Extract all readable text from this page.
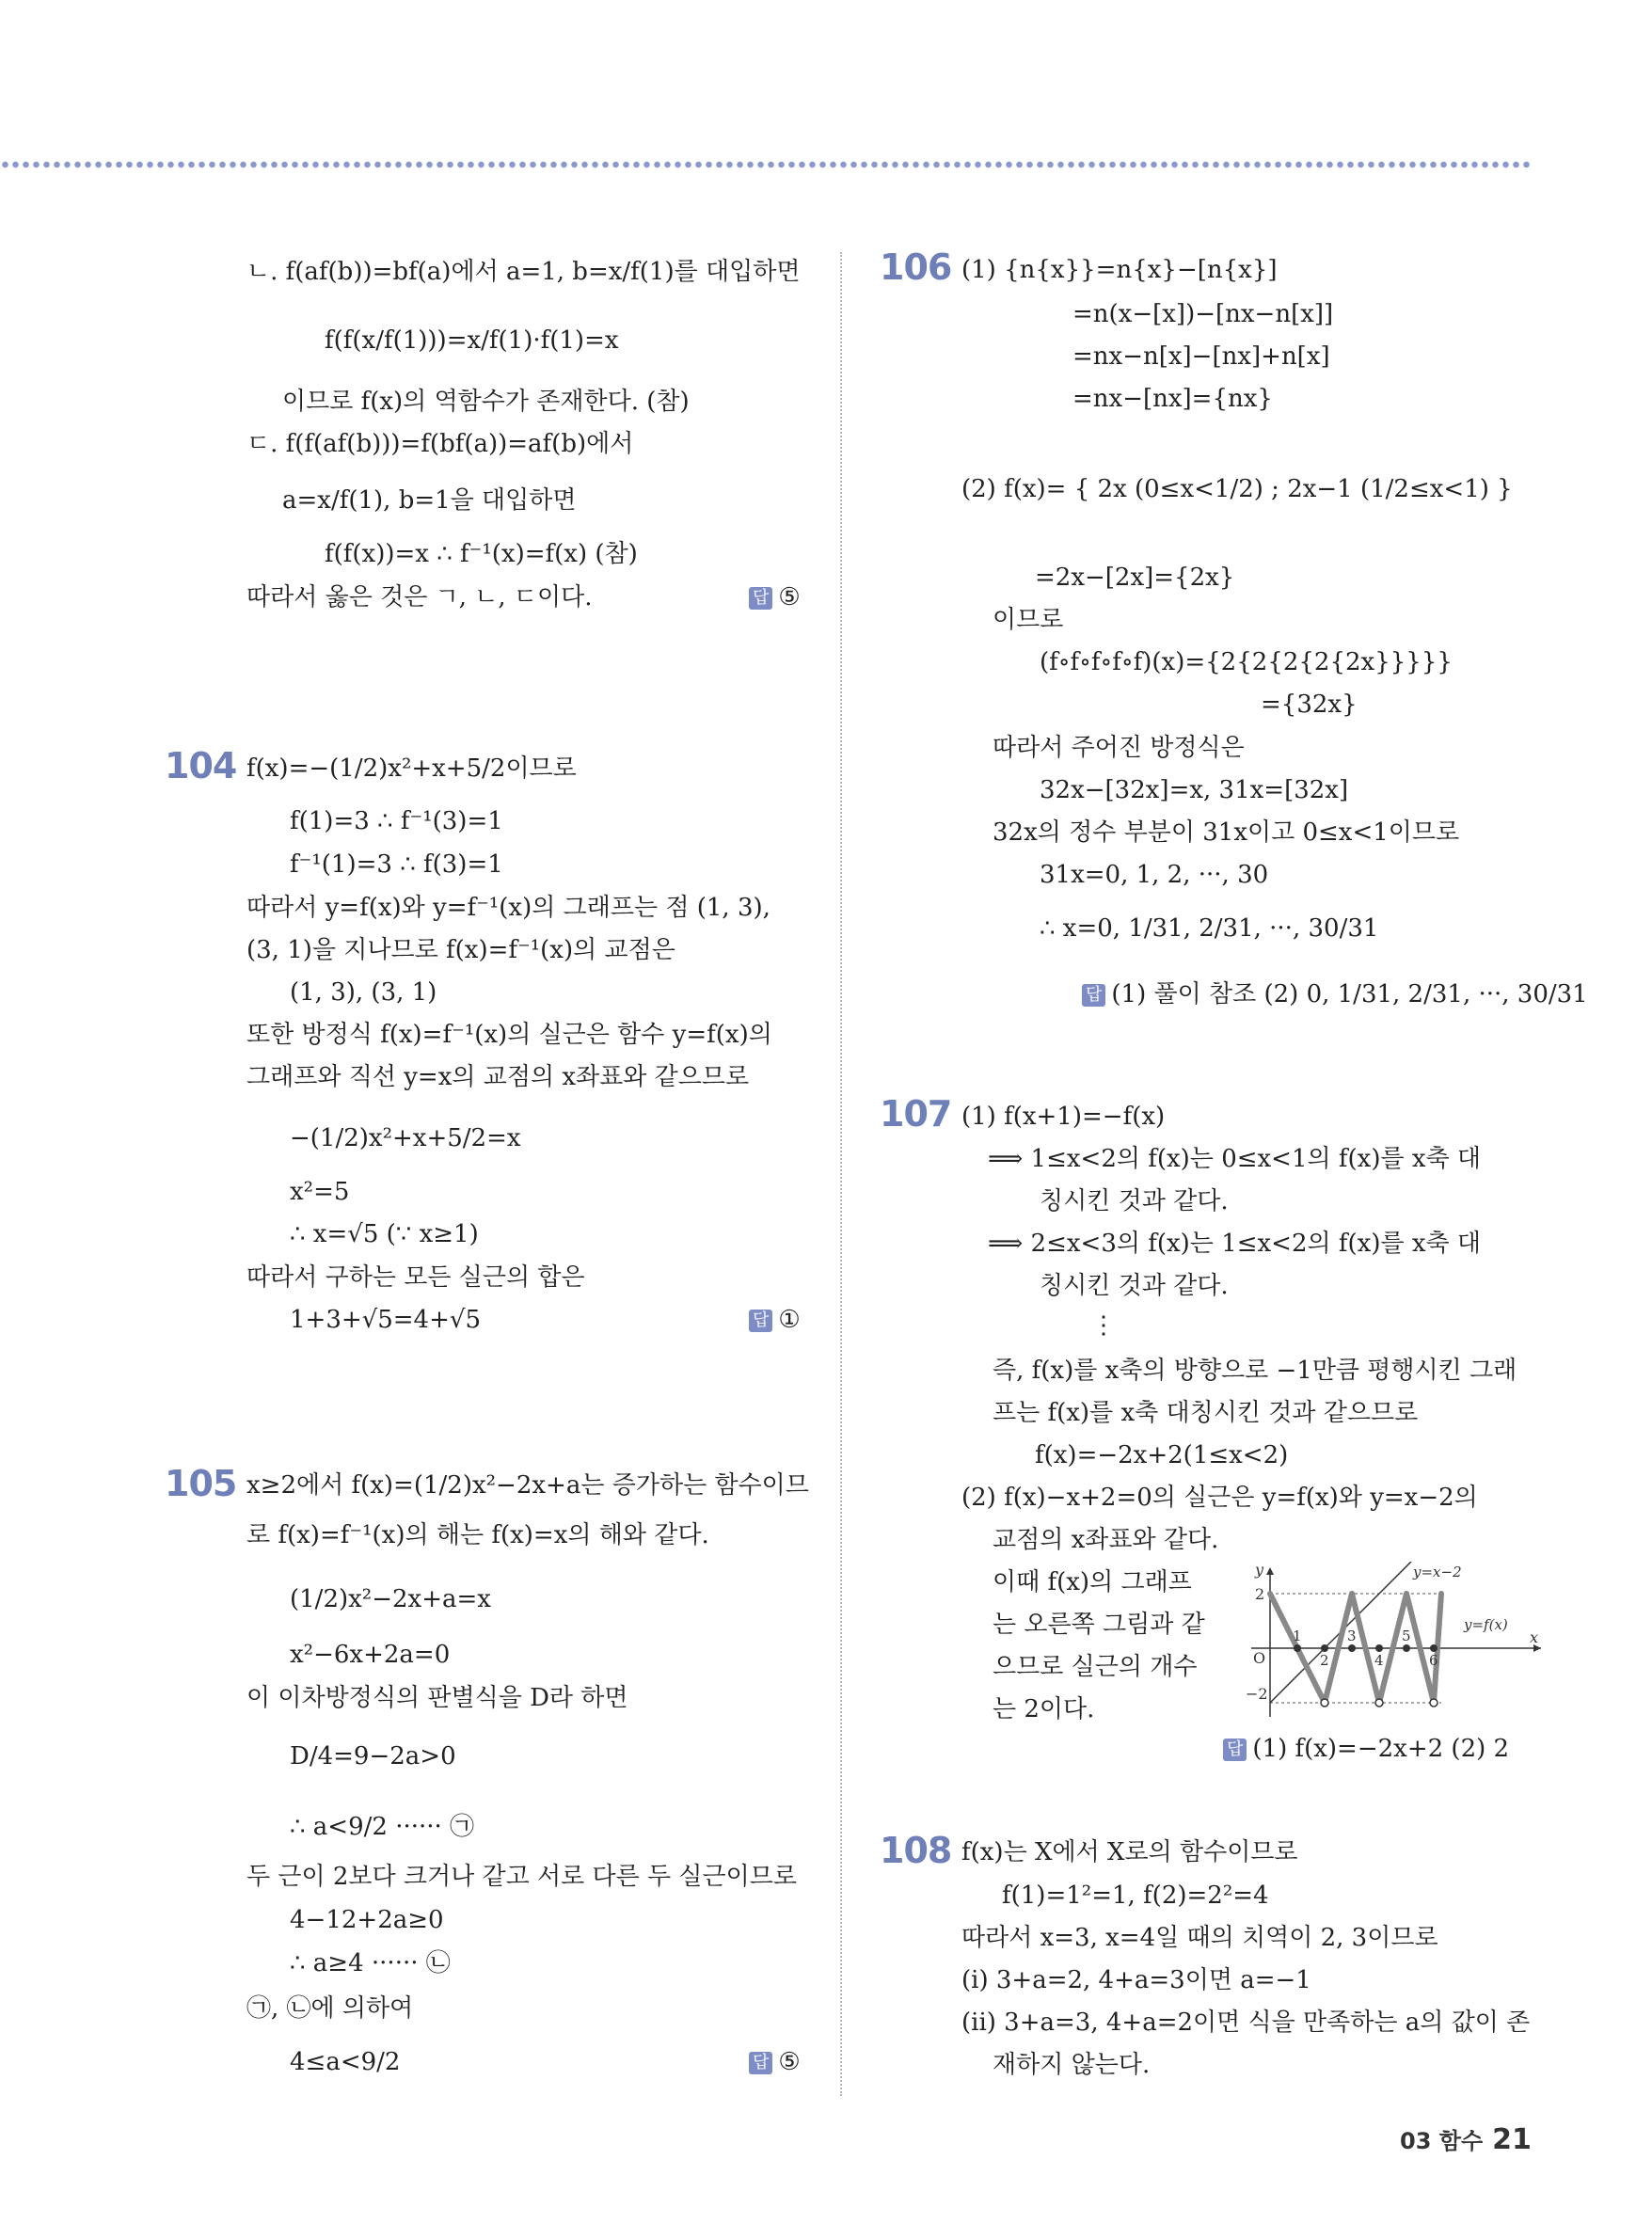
ㄴ. f(af(b))=bf(a)에서 a=1, b=x/f(1)를 대입하면
f(f(x/f(1)))=x/f(1)·f(1)=x
이므로 f(x)의 역함수가 존재한다. (참)
ㄷ. f(f(af(b)))=f(bf(a))=af(b)에서
a=x/f(1), b=1을 대입하면
f(f(x))=x ∴ f⁻¹(x)=f(x) (참)
따라서 옳은 것은 ㄱ, ㄴ, ㄷ이다.	답 ⑤
104 f(x)=−(1/2)x²+x+5/2이므로
f(1)=3 ∴ f⁻¹(3)=1
f⁻¹(1)=3 ∴ f(3)=1
따라서 y=f(x)와 y=f⁻¹(x)의 그래프는 점 (1, 3),
(3, 1)을 지나므로 f(x)=f⁻¹(x)의 교점은
(1, 3), (3, 1)
또한 방정식 f(x)=f⁻¹(x)의 실근은 함수 y=f(x)의
그래프와 직선 y=x의 교점의 x좌표와 같으므로
−(1/2)x²+x+5/2=x
x²=5
∴ x=√5 (∵ x≥1)
따라서 구하는 모든 실근의 합은
1+3+√5=4+√5	답 ①
105 x≥2에서 f(x)=(1/2)x²−2x+a는 증가하는 함수이므
로 f(x)=f⁻¹(x)의 해는 f(x)=x의 해와 같다.
(1/2)x²−2x+a=x
x²−6x+2a=0
이 이차방정식의 판별식을 D라 하면
D/4=9−2a>0
∴ a<9/2 ······ ㉠
두 근이 2보다 크거나 같고 서로 다른 두 실근이므로
4−12+2a≥0
∴ a≥4 ······ ㉡
㉠, ㉡에 의하여
4≤a<9/2	답 ⑤
106 (1) {n{x}}=n{x}−[n{x}]
=n(x−[x])−[nx−n[x]]
=nx−n[x]−[nx]+n[x]
=nx−[nx]={nx}
(2) f(x)= { 2x (0≤x<1/2) ; 2x−1 (1/2≤x<1) }
=2x−[2x]={2x}
이므로
(f∘f∘f∘f∘f)(x)={2{2{2{2{2x}}}}}
={32x}
따라서 주어진 방정식은
32x−[32x]=x, 31x=[32x]
32x의 정수 부분이 31x이고 0≤x<1이므로
31x=0, 1, 2, ···, 30
∴ x=0, 1/31, 2/31, ···, 30/31
답 (1) 풀이 참조 (2) 0, 1/31, 2/31, ···, 30/31
107 (1) f(x+1)=−f(x)
⟹ 1≤x<2의 f(x)는 0≤x<1의 f(x)를 x축 대
칭시킨 것과 같다.
⟹ 2≤x<3의 f(x)는 1≤x<2의 f(x)를 x축 대
칭시킨 것과 같다.
⋮
즉, f(x)를 x축의 방향으로 −1만큼 평행시킨 그래
프는 f(x)를 x축 대칭시킨 것과 같으므로
f(x)=−2x+2(1≤x<2)
(2) f(x)−x+2=0의 실근은 y=f(x)와 y=x−2의
교점의 x좌표와 같다.
이때 f(x)의 그래프
는 오른쪽 그림과 같
으므로 실근의 개수
는 2이다.
y
x
O
2
−2
y=x−2
y=f(x)
1	3	5
2	4	6
답 (1) f(x)=−2x+2 (2) 2
108 f(x)는 X에서 X로의 함수이므로
f(1)=1²=1, f(2)=2²=4
따라서 x=3, x=4일 때의 치역이 2, 3이므로
(i) 3+a=2, 4+a=3이면 a=−1
(ii) 3+a=3, 4+a=2이면 식을 만족하는 a의 값이 존
재하지 않는다.
03 함수 21
